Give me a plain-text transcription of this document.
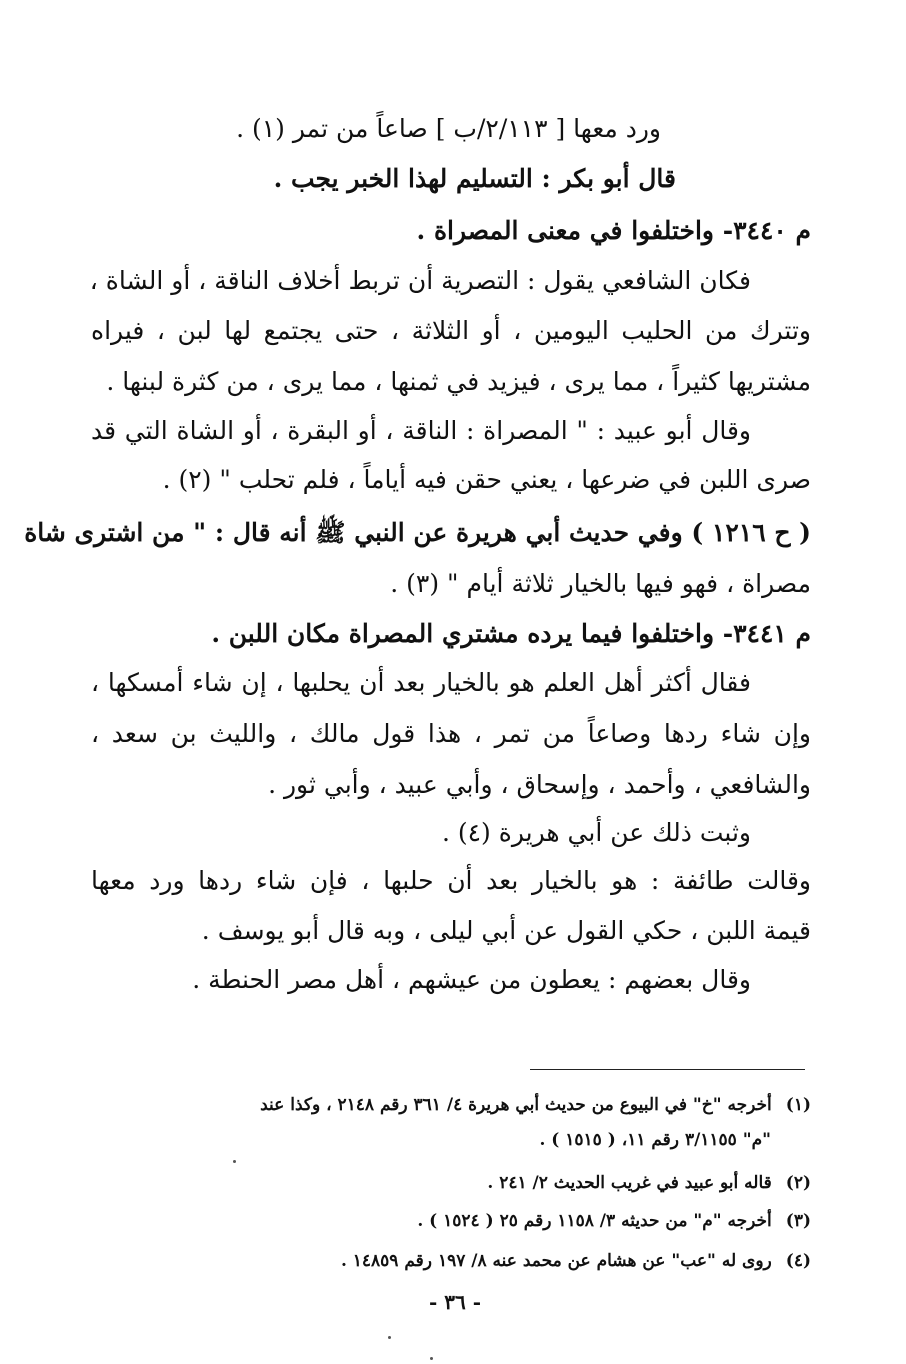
ورد معها [ ٢/١١٣/ب ] صاعاً من تمر (١) .
قال أبو بكر : التسليم لهذا الخبر يجب .
م ٣٤٤٠- واختلفوا في معنى المصراة .
فكان الشافعي يقول : التصرية أن تربط أخلاف الناقة ، أو الشاة ،
وتترك من الحليب اليومين ، أو الثلاثة ، حتى يجتمع لها لبن ، فيراه
مشتريها كثيراً ، مما يرى ، فيزيد في ثمنها ، مما يرى ، من كثرة لبنها .
وقال أبو عبيد : " المصراة : الناقة ، أو البقرة ، أو الشاة التي قد
صرى اللبن في ضرعها ، يعني حقن فيه أياماً ، فلم تحلب " (٢) .
( ح ١٢١٦ ) وفي حديث أبي هريرة عن النبي ﷺ أنه قال : " من اشترى شاة
مصراة ، فهو فيها بالخيار ثلاثة أيام " (٣) .
م ٣٤٤١- واختلفوا فيما يرده مشتري المصراة مكان اللبن .
فقال أكثر أهل العلم هو بالخيار بعد أن يحلبها ، إن شاء أمسكها ،
وإن شاء ردها وصاعاً من تمر ، هذا قول مالك ، والليث بن سعد ،
والشافعي ، وأحمد ، وإسحاق ، وأبي عبيد ، وأبي ثور .
وثبت ذلك عن أبي هريرة (٤) .
وقالت طائفة : هو بالخيار بعد أن حلبها ، فإن شاء ردها ورد معها
قيمة اللبن ، حكي القول عن أبي ليلى ، وبه قال أبو يوسف .
وقال بعضهم : يعطون من عيشهم ، أهل مصر الحنطة .
(١)أخرجه "خ" في البيوع من حديث أبي هريرة ٤/ ٣٦١ رقم ٢١٤٨ ، وكذا عند
"م" ٣/١١٥٥ رقم ١١، ( ١٥١٥ ) .
(٢)قاله أبو عبيد في غريب الحديث ٢/ ٢٤١ .
(٣)أخرجه "م" من حديثه ٣/ ١١٥٨ رقم ٢٥ ( ١٥٢٤ ) .
(٤)روى له "عب" عن هشام عن محمد عنه ٨/ ١٩٧ رقم ١٤٨٥٩ .
- ٣٦ -
